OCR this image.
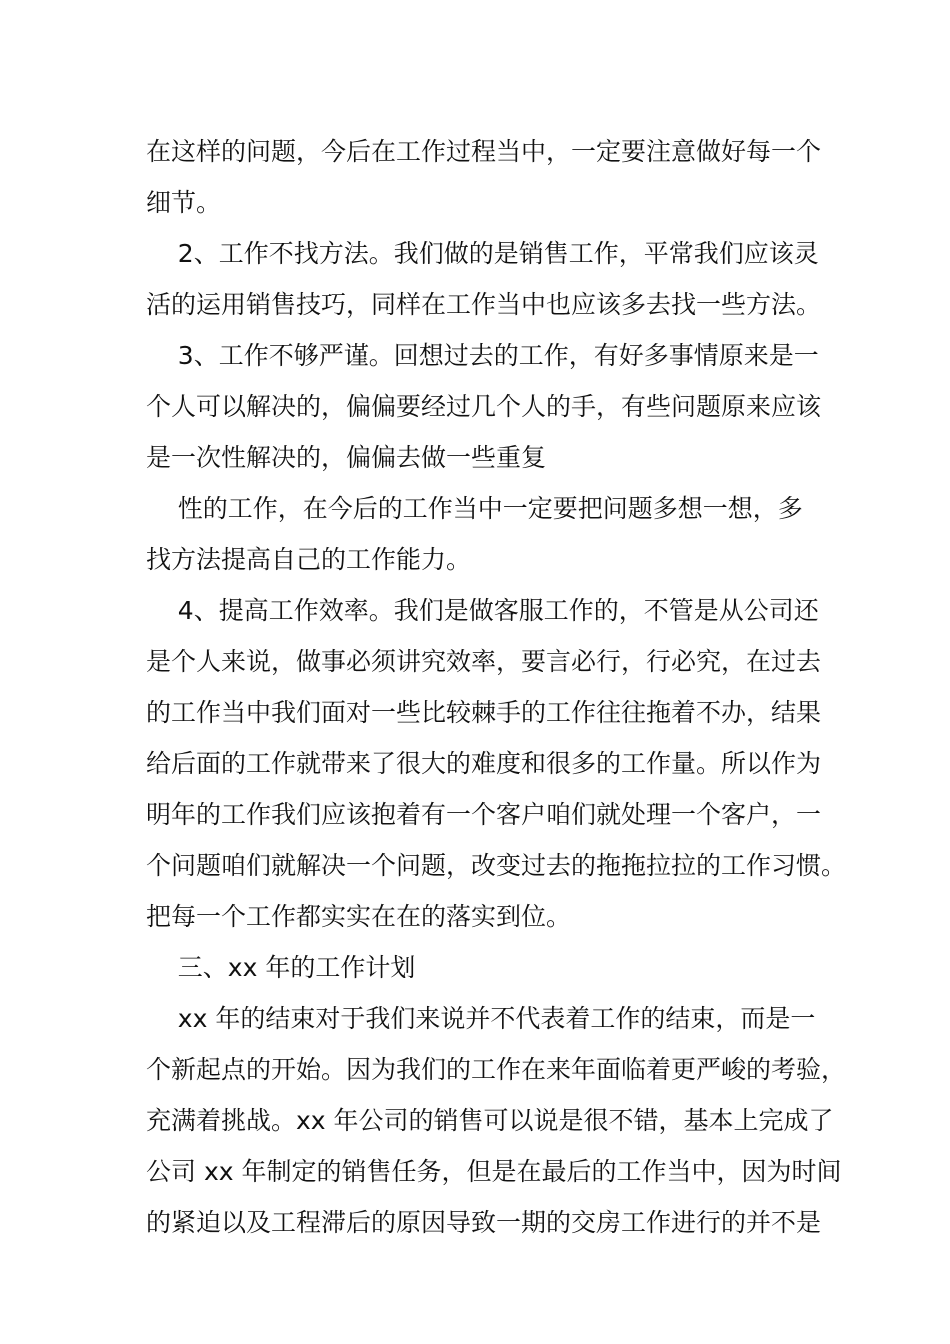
在这样的问题，今后在工作过程当中，一定要注意做好每一个

细节。

2、工作不找方法。我们做的是销售工作，平常我们应该灵

活的运用销售技巧，同样在工作当中也应该多去找一些方法。

3、工作不够严谨。回想过去的工作，有好多事情原来是一

个人可以解决的，偏偏要经过几个人的手，有些问题原来应该

是一次性解决的，偏偏去做一些重复

性的工作，在今后的工作当中一定要把问题多想一想，多

找方法提高自己的工作能力。

4、提高工作效率。我们是做客服工作的，不管是从公司还

是个人来说，做事必须讲究效率，要言必行，行必究，在过去

的工作当中我们面对一些比较棘手的工作往往拖着不办，结果

给后面的工作就带来了很大的难度和很多的工作量。所以作为

明年的工作我们应该抱着有一个客户咱们就处理一个客户，一

个问题咱们就解决一个问题，改变过去的拖拖拉拉的工作习惯。

把每一个工作都实实在在的落实到位。

三、xx 年的工作计划

xx 年的结束对于我们来说并不代表着工作的结束，而是一

个新起点的开始。因为我们的工作在来年面临着更严峻的考验，

充满着挑战。xx 年公司的销售可以说是很不错，基本上完成了

公司 xx 年制定的销售任务，但是在最后的工作当中，因为时间

的紧迫以及工程滞后的原因导致一期的交房工作进行的并不是
